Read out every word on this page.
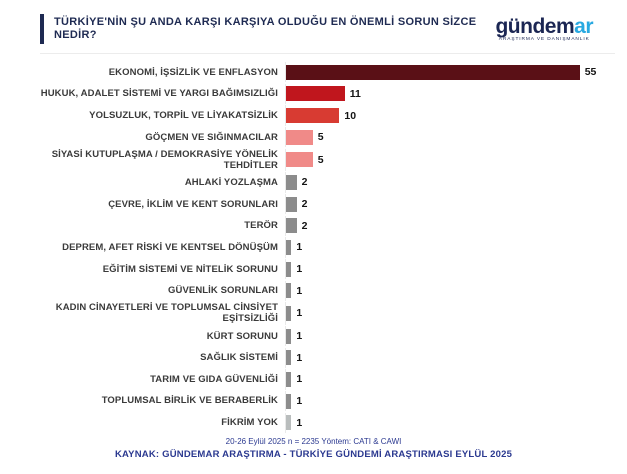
TÜRKİYE'NİN ŞU ANDA KARŞI KARŞIYA OLDUĞU EN ÖNEMLİ SORUN SİZCE NEDİR?	gündemar
ARAŞTIRMA VE DANIŞMANLIK
EKONOMİ, İŞSİZLİK VE ENFLASYON	55
HUKUK, ADALET SİSTEMİ VE YARGI BAĞIMSIZLIĞI	11
YOLSUZLUK, TORPİL VE LİYAKATSİZLİK	10
GÖÇMEN VE SIĞINMACILAR	5
SİYASİ KUTUPLAŞMA / DEMOKRASİYE YÖNELİK TEHDİTLER	5
AHLAKİ YOZLAŞMA	2
ÇEVRE, İKLİM VE KENT SORUNLARI	2
TERÖR	2
DEPREM, AFET RİSKİ VE KENTSEL DÖNÜŞÜM	1
EĞİTİM SİSTEMİ VE NİTELİK SORUNU	1
GÜVENLİK SORUNLARI	1
KADIN CİNAYETLERİ VE TOPLUMSAL CİNSİYET EŞİTSİZLİĞİ	1
KÜRT SORUNU	1
SAĞLIK SİSTEMİ	1
TARIM VE GIDA GÜVENLİĞİ	1
TOPLUMSAL BİRLİK VE BERABERLİK	1
FİKRİM YOK	1
20-26 Eylül 2025 n = 2235 Yöntem: CATI & CAWI
KAYNAK: GÜNDEMAR ARAŞTIRMA - TÜRKİYE GÜNDEMİ ARAŞTIRMASI EYLÜL 2025
